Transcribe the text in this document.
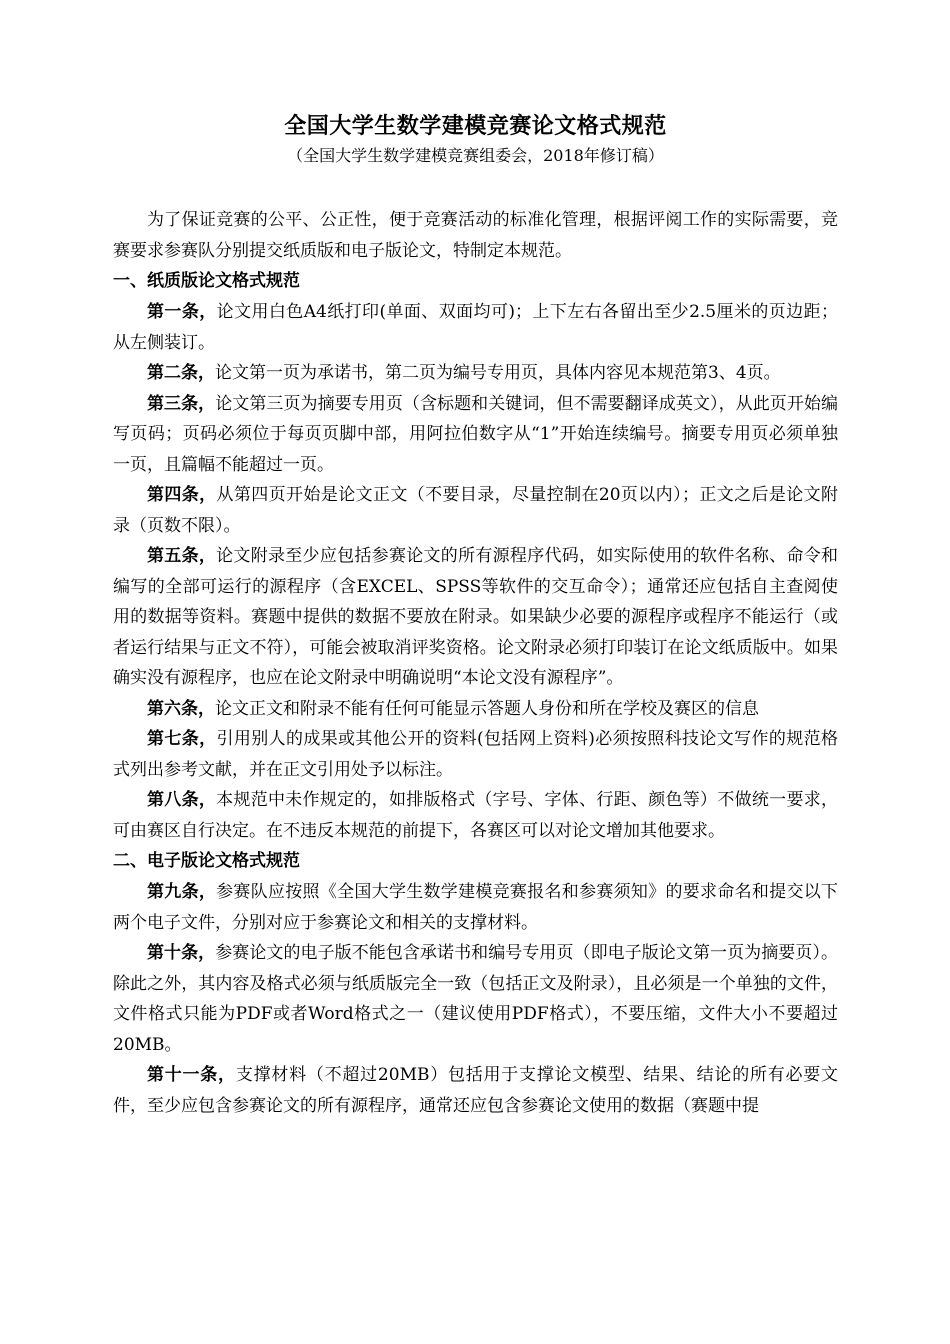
全国大学生数学建模竞赛论文格式规范
（全国大学生数学建模竞赛组委会，2018年修订稿）

为了保证竞赛的公平、公正性，便于竞赛活动的标准化管理，根据评阅工作的实际需要，竞赛要求参赛队分别提交纸质版和电子版论文，特制定本规范。

一、纸质版论文格式规范

第一条，论文用白色A4纸打印(单面、双面均可)；上下左右各留出至少2.5厘米的页边距；从左侧装订。

第二条，论文第一页为承诺书，第二页为编号专用页，具体内容见本规范第3、4页。

第三条，论文第三页为摘要专用页（含标题和关键词，但不需要翻译成英文），从此页开始编写页码；页码必须位于每页页脚中部，用阿拉伯数字从“1”开始连续编号。摘要专用页必须单独一页，且篇幅不能超过一页。

第四条，从第四页开始是论文正文（不要目录，尽量控制在20页以内）；正文之后是论文附录（页数不限）。

第五条，论文附录至少应包括参赛论文的所有源程序代码，如实际使用的软件名称、命令和编写的全部可运行的源程序（含EXCEL、SPSS等软件的交互命令）；通常还应包括自主查阅使用的数据等资料。赛题中提供的数据不要放在附录。如果缺少必要的源程序或程序不能运行（或者运行结果与正文不符），可能会被取消评奖资格。论文附录必须打印装订在论文纸质版中。如果确实没有源程序，也应在论文附录中明确说明“本论文没有源程序”。

第六条，论文正文和附录不能有任何可能显示答题人身份和所在学校及赛区的信息

第七条，引用别人的成果或其他公开的资料(包括网上资料)必须按照科技论文写作的规范格式列出参考文献，并在正文引用处予以标注。

第八条，本规范中未作规定的，如排版格式（字号、字体、行距、颜色等）不做统一要求，可由赛区自行决定。在不违反本规范的前提下，各赛区可以对论文增加其他要求。

二、电子版论文格式规范

第九条，参赛队应按照《全国大学生数学建模竞赛报名和参赛须知》的要求命名和提交以下两个电子文件，分别对应于参赛论文和相关的支撑材料。

第十条，参赛论文的电子版不能包含承诺书和编号专用页（即电子版论文第一页为摘要页）。除此之外，其内容及格式必须与纸质版完全一致（包括正文及附录），且必须是一个单独的文件，文件格式只能为PDF或者Word格式之一（建议使用PDF格式），不要压缩，文件大小不要超过20MB。

第十一条，支撑材料（不超过20MB）包括用于支撑论文模型、结果、结论的所有必要文件，至少应包含参赛论文的所有源程序，通常还应包含参赛论文使用的数据（赛题中提
